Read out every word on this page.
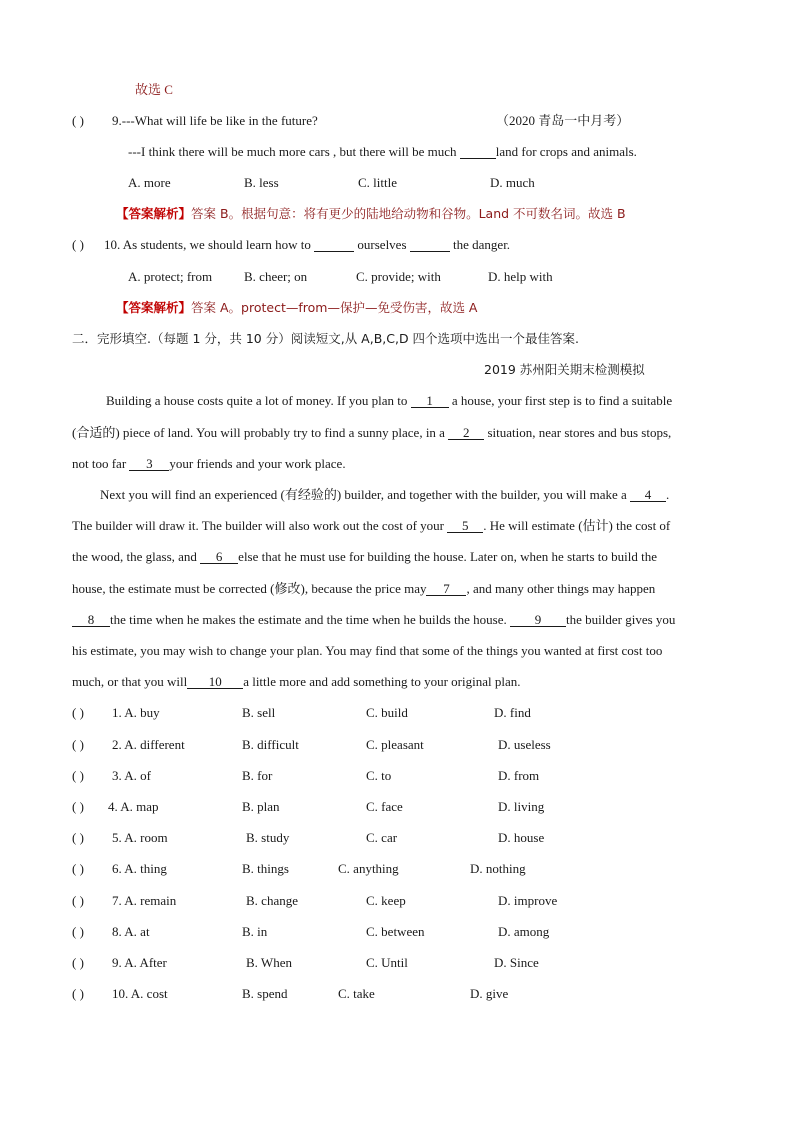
故选 C
( ) 9.---What will life be like in the future?	（2020 青岛一中月考）
---I think there will be much more cars , but there will be much	land for crops and animals.
A. more	B. less	C. little	D. much
【答案解析】答案 B。根据句意：将有更少的陆地给动物和谷物。Land 不可数名词。故选 B
( ) 10. As students, we should learn how to	ourselves	the danger.
A. protect; from B. cheer; on	C. provide; with	D. help with
【答案解析】答案 A。protect—from—保护—免受伤害，故选 A
二．完形填空.（每题 1 分，共 10 分）阅读短文,从 A,B,C,D 四个选项中选出一个最佳答案.
2019 苏州阳关期末检测模拟
Building a house costs quite a lot of money. If you plan to 1 a house, your first step is to find a suitable
(合适的) piece of land. You will probably try to find a sunny place, in a 2 situation, near stores and bus stops,
not too far 3 your friends and your work place.
Next you will find an experienced (有经验的) builder, and together with the builder, you will make a 4 .
The builder will draw it. The builder will also work out the cost of your 5 . He will estimate (估计) the cost of
the wood, the glass, and 6 else that he must use for building the house. Later on, when he starts to build the
house, the estimate must be corrected (修改), because the price may 7 , and many other things may happen
8 the time when he makes the estimate and the time when he builds the house. 9 the builder gives you
his estimate, you may wish to change your plan. You may find that some of the things you wanted at first cost too
much, or that you will 10 a little more and add something to your original plan.
( ) 1. A. buy	B. sell	C. build	D. find
( ) 2. A. different	B. difficult	C. pleasant	D. useless
( ) 3. A. of	B. for	C. to	D. from
( ) 4. A. map	B. plan	C. face	D. living
( ) 5. A. room	B. study	C. car	D. house
( ) 6. A. thing	B. things	C. anything	D. nothing
( ) 7. A. remain	B. change	C. keep	D. improve
( ) 8. A. at	B. in	C. between	D. among
( ) 9. A. After	B. When	C. Until	D. Since
( ) 10. A. cost	B. spend	C. take	D. give
